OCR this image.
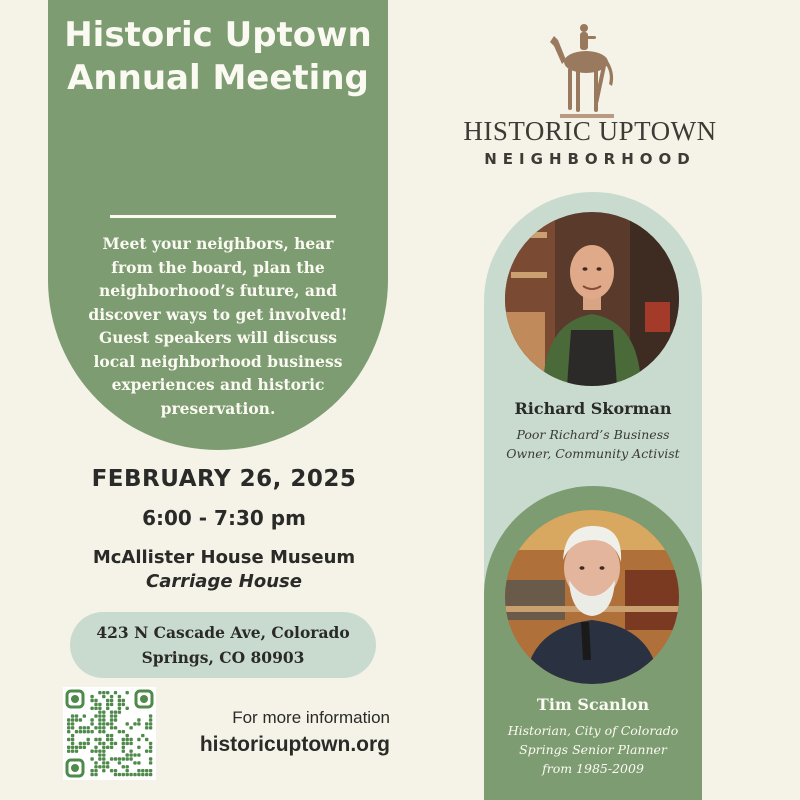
Historic Uptown Annual Meeting
Meet your neighbors, hear from the board, plan the neighborhood’s future, and discover ways to get involved! Guest speakers will discuss local neighborhood business experiences and historic preservation.
FEBRUARY 26, 2025
6:00 - 7:30 pm
McAllister House Museum
Carriage House
423 N Cascade Ave, Colorado Springs, CO 80903
For more information
historicuptown.org
HISTORIC UPTOWN
NEIGHBORHOOD
Richard Skorman
Poor Richard’s Business Owner, Community Activist
Tim Scanlon
Historian, City of Colorado Springs Senior Planner from 1985-2009
